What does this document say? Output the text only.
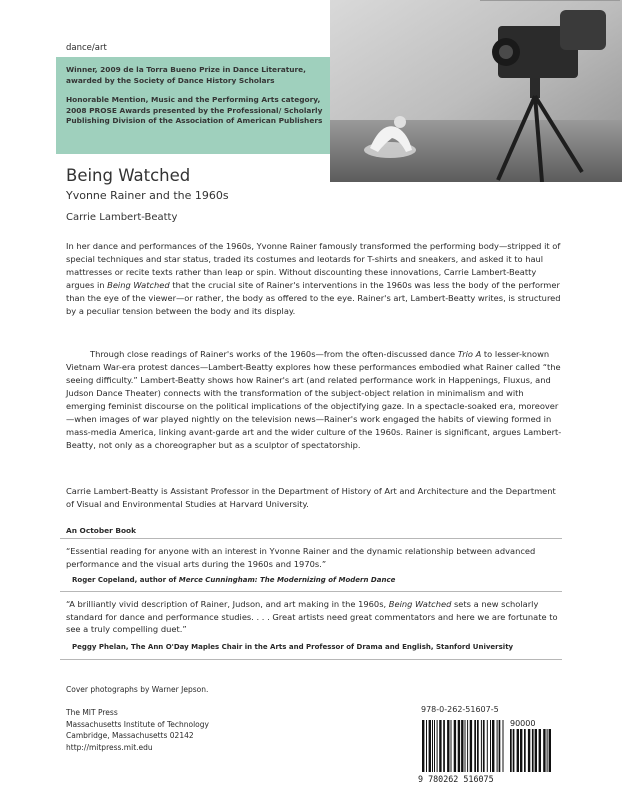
dance/art
Winner, 2009 de la Torra Bueno Prize in Dance Literature, awarded by the Society of Dance History Scholars
Honorable Mention, Music and the Performing Arts category, 2008 PROSE Awards presented by the Professional/ Scholarly Publishing Division of the Association of American Publishers
Being Watched
Yvonne Rainer and the 1960s
Carrie Lambert-Beatty
In her dance and performances of the 1960s, Yvonne Rainer famously transformed the performing body—stripped it of special techniques and star status, traded its costumes and leotards for T-shirts and sneakers, and asked it to haul mattresses or recite texts rather than leap or spin. Without discounting these innovations, Carrie Lambert-Beatty argues in Being Watched that the crucial site of Rainer's interventions in the 1960s was less the body of the performer than the eye of the viewer—or rather, the body as offered to the eye. Rainer's art, Lambert-Beatty writes, is structured by a peculiar tension between the body and its display.
Through close readings of Rainer's works of the 1960s—from the often-discussed dance Trio A to lesser-known Vietnam War-era protest dances—Lambert-Beatty explores how these performances embodied what Rainer called “the seeing difficulty.” Lambert-Beatty shows how Rainer's art (and related performance work in Happenings, Fluxus, and Judson Dance Theater) connects with the transformation of the subject-object relation in minimalism and with emerging feminist discourse on the political implications of the objectifying gaze. In a spectacle-soaked era, moreover—when images of war played nightly on the television news—Rainer's work engaged the habits of viewing formed in mass-media America, linking avant-garde art and the wider culture of the 1960s. Rainer is significant, argues Lambert-Beatty, not only as a choreographer but as a sculptor of spectatorship.
Carrie Lambert-Beatty is Assistant Professor in the Department of History of Art and Architecture and the Department of Visual and Environmental Studies at Harvard University.
An October Book
“Essential reading for anyone with an interest in Yvonne Rainer and the dynamic relationship between advanced performance and the visual arts during the 1960s and 1970s.”
Roger Copeland, author of Merce Cunningham: The Modernizing of Modern Dance
“A brilliantly vivid description of Rainer, Judson, and art making in the 1960s, Being Watched sets a new scholarly standard for dance and performance studies. . . . Great artists need great commentators and here we are fortunate to see a truly compelling duet.”
Peggy Phelan, The Ann O'Day Maples Chair in the Arts and Professor of Drama and English, Stanford University
Cover photographs by Warner Jepson.
The MIT Press
Massachusetts Institute of Technology
Cambridge, Massachusetts 02142
http://mitpress.mit.edu
978-0-262-51607-5
90000
9 780262 516075
